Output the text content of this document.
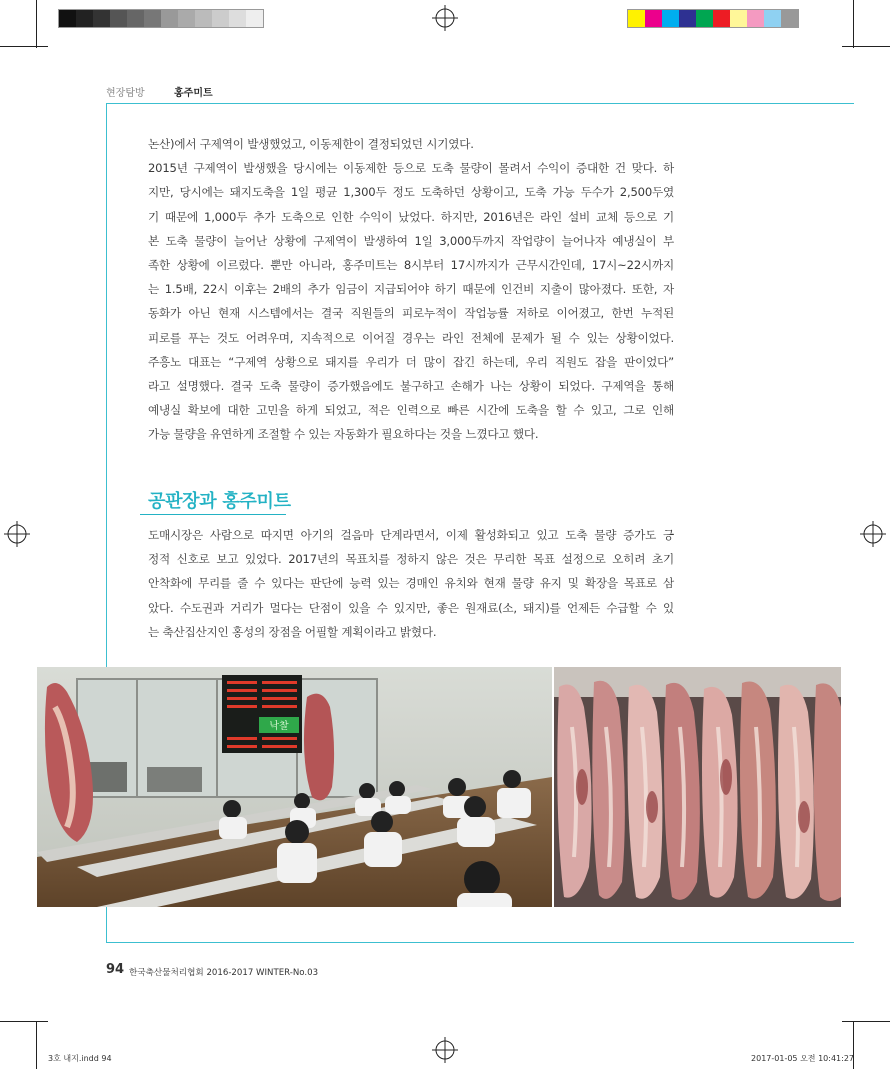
현장탐방	홍주미트
논산)에서 구제역이 발생했었고, 이동제한이 결정되었던 시기였다.
2015년 구제역이 발생했을 당시에는 이동제한 등으로 도축 물량이 몰려서 수익이 증대한 건 맞다. 하
지만, 당시에는 돼지도축을 1일 평균 1,300두 정도 도축하던 상황이고, 도축 가능 두수가 2,500두였
기 때문에 1,000두 추가 도축으로 인한 수익이 났었다. 하지만, 2016년은 라인 설비 교체 등으로 기
본 도축 물량이 늘어난 상황에 구제역이 발생하여 1일 3,000두까지 작업량이 늘어나자 예냉실이 부
족한 상황에 이르렀다. 뿐만 아니라, 홍주미트는 8시부터 17시까지가 근무시간인데, 17시~22시까지
는 1.5배, 22시 이후는 2배의 추가 임금이 지급되어야 하기 때문에 인건비 지출이 많아졌다. 또한, 자
동화가 아닌 현재 시스템에서는 결국 직원들의 피로누적이 작업능률 저하로 이어졌고, 한번 누적된
피로를 푸는 것도 어려우며, 지속적으로 이어질 경우는 라인 전체에 문제가 될 수 있는 상황이었다.
주흥노 대표는 “구제역 상황으로 돼지를 우리가 더 많이 잡긴 하는데, 우리 직원도 잡을 판이었다”
라고 설명했다. 결국 도축 물량이 증가했음에도 불구하고 손해가 나는 상황이 되었다. 구제역을 통해
예냉실 확보에 대한 고민을 하게 되었고, 적은 인력으로 빠른 시간에 도축을 할 수 있고, 그로 인해
가능 물량을 유연하게 조절할 수 있는 자동화가 필요하다는 것을 느꼈다고 했다.
공판장과 홍주미트
도매시장은 사람으로 따지면 아기의 걸음마 단계라면서, 이제 활성화되고 있고 도축 물량 증가도 긍
정적 신호로 보고 있었다. 2017년의 목표치를 정하지 않은 것은 무리한 목표 설정으로 오히려 초기
안착화에 무리를 줄 수 있다는 판단에 능력 있는 경매인 유치와 현재 물량 유지 및 확장을 목표로 삼
았다. 수도권과 거리가 멀다는 단점이 있을 수 있지만, 좋은 원재료(소, 돼지)를 언제든 수급할 수 있
는 축산집산지인 홍성의 장점을 어필할 계획이라고 밝혔다.
낙찰
94 한국축산물처리협회 2016-2017 WINTER-No.03
3호 내지.indd 94	2017-01-05 오전 10:41:27
